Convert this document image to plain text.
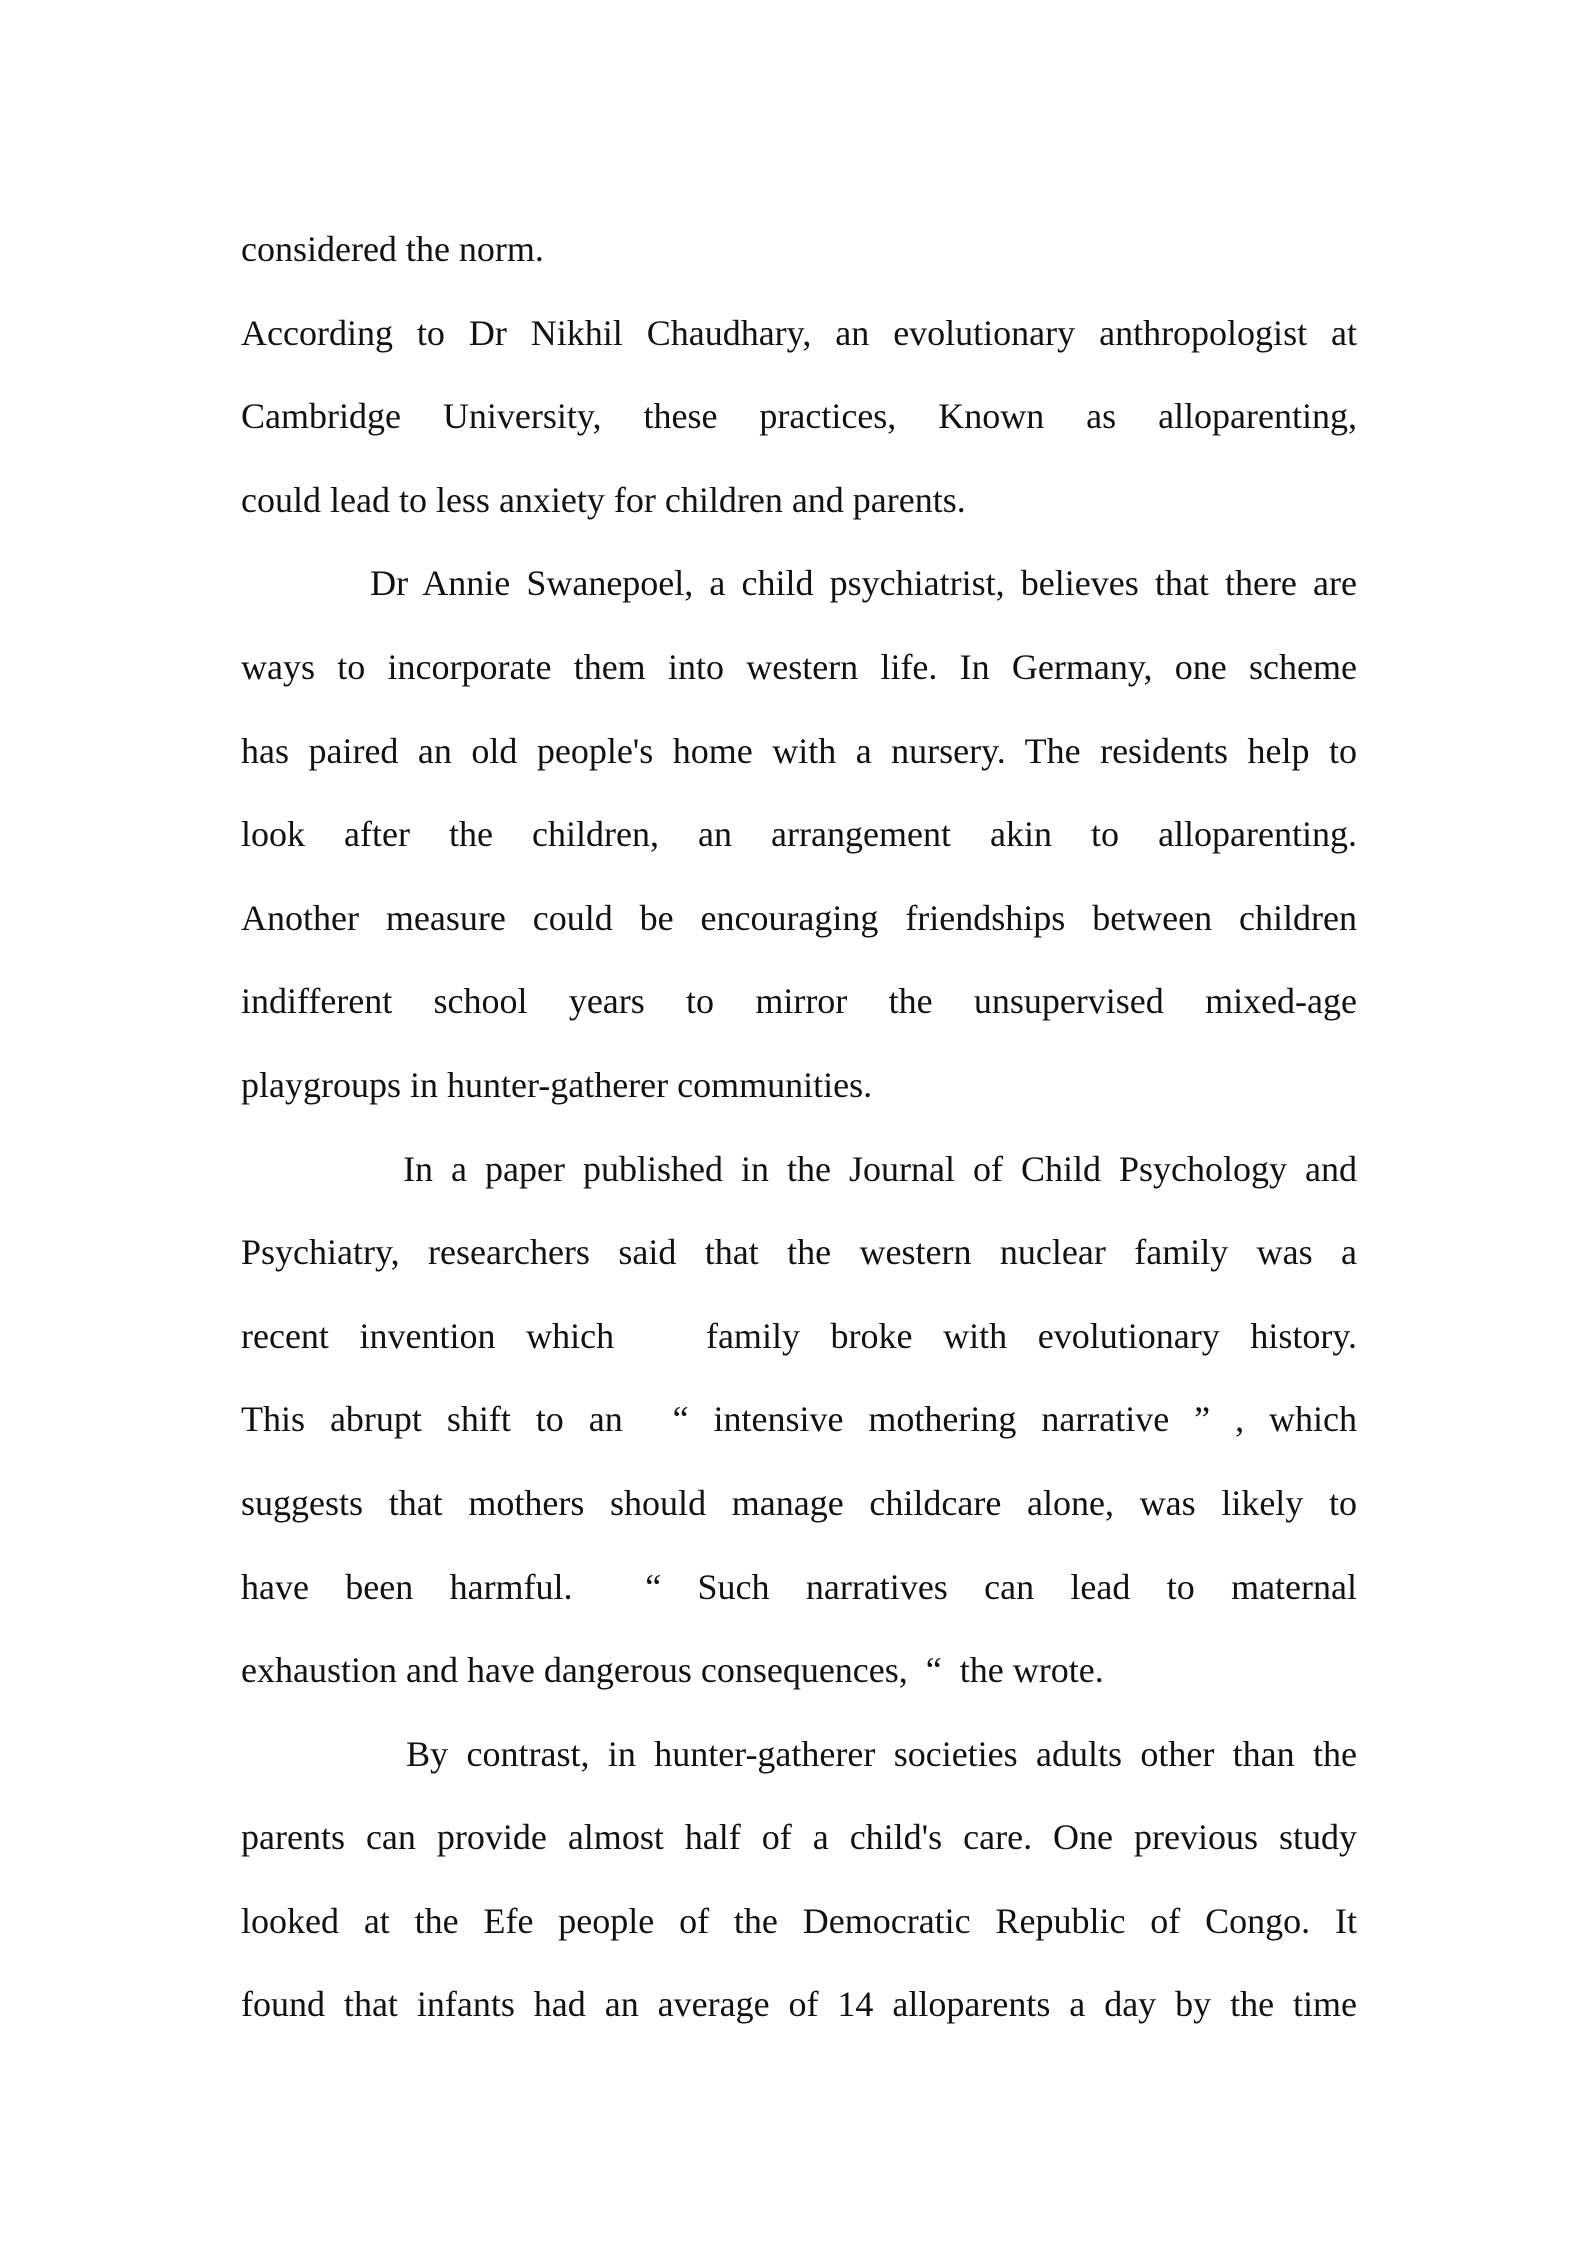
considered the norm.
According to Dr Nikhil Chaudhary, an evolutionary anthropologist at
Cambridge University, these practices, Known as alloparenting,
could lead to less anxiety for children and parents.
Dr Annie Swanepoel, a child psychiatrist, believes that there are
ways to incorporate them into western life. In Germany, one scheme
has paired an old people's home with a nursery. The residents help to
look after the children, an arrangement akin to alloparenting.
Another measure could be encouraging friendships between children
indifferent school years to mirror the unsupervised mixed-age
playgroups in hunter-gatherer communities.
In a paper published in the Journal of Child Psychology and
Psychiatry, researchers said that the western nuclear family was a
recent invention which   family broke with evolutionary history.
This abrupt shift to an  “ intensive mothering narrative ” , which
suggests that mothers should manage childcare alone, was likely to
have been harmful.  “ Such narratives can lead to maternal
exhaustion and have dangerous consequences,  “  the wrote.
By contrast, in hunter-gatherer societies adults other than the
parents can provide almost half of a child's care. One previous study
looked at the Efe people of the Democratic Republic of Congo. It
found that infants had an average of 14 alloparents a day by the time
